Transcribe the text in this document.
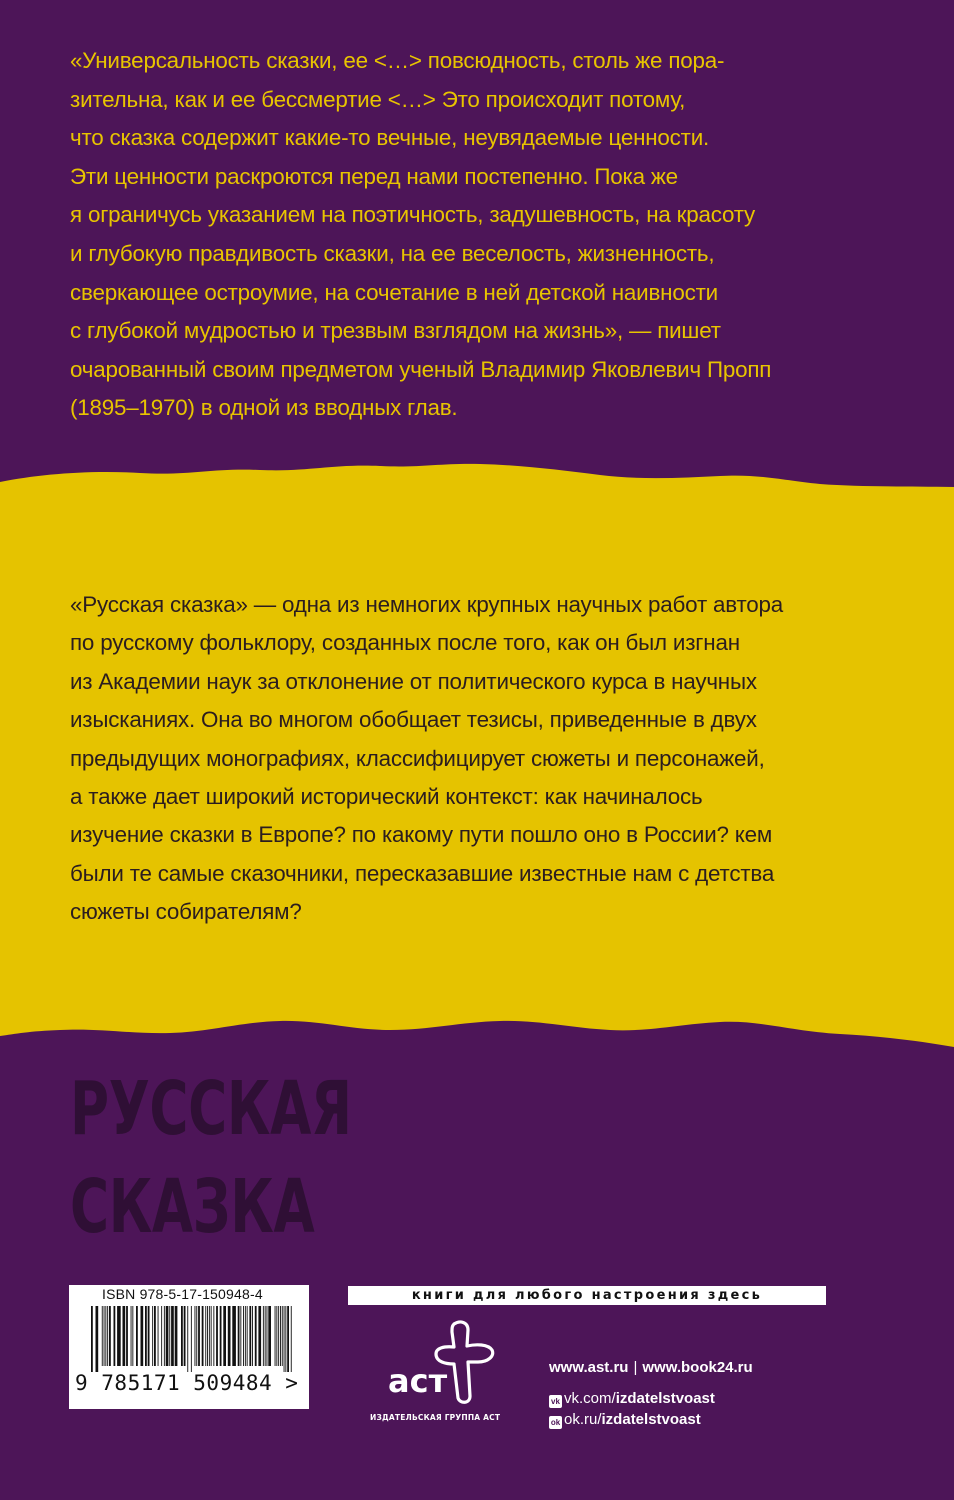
«Универсальность сказки, ее <…> повсюдность, столь же пора-
зительна, как и ее бессмертие <…> Это происходит потому,
что сказка содержит какие-то вечные, неувядаемые ценности.
Эти ценности раскроются перед нами постепенно. Пока же
я ограничусь указанием на поэтичность, задушевность, на красоту
и глубокую правдивость сказки, на ее веселость, жизненность,
сверкающее остроумие, на сочетание в ней детской наивности
с глубокой мудростью и трезвым взглядом на жизнь», — пишет
очарованный своим предметом ученый Владимир Яковлевич Пропп
(1895–1970) в одной из вводных глав.
«Русская сказка» — одна из немногих крупных научных работ автора
по русскому фольклору, созданных после того, как он был изгнан
из Академии наук за отклонение от политического курса в научных
изысканиях. Она во многом обобщает тезисы, приведенные в двух
предыдущих монографиях, классифицирует сюжеты и персонажей,
а также дает широкий исторический контекст: как начиналось
изучение сказки в Европе? по какому пути пошло оно в России? кем
были те самые сказочники, пересказавшие известные нам с детства
сюжеты собирателям?
РУССКАЯ
СКАЗКА
ISBN 978-5-17-150948-4
9 785171 509484 >
книги для любого настроения здесь
аст
ИЗДАТЕЛЬСКАЯ ГРУППА АСТ
www.ast.ru | www.book24.ru
vk vk.com/izdatelstvoast
ok ok.ru/izdatelstvoast
